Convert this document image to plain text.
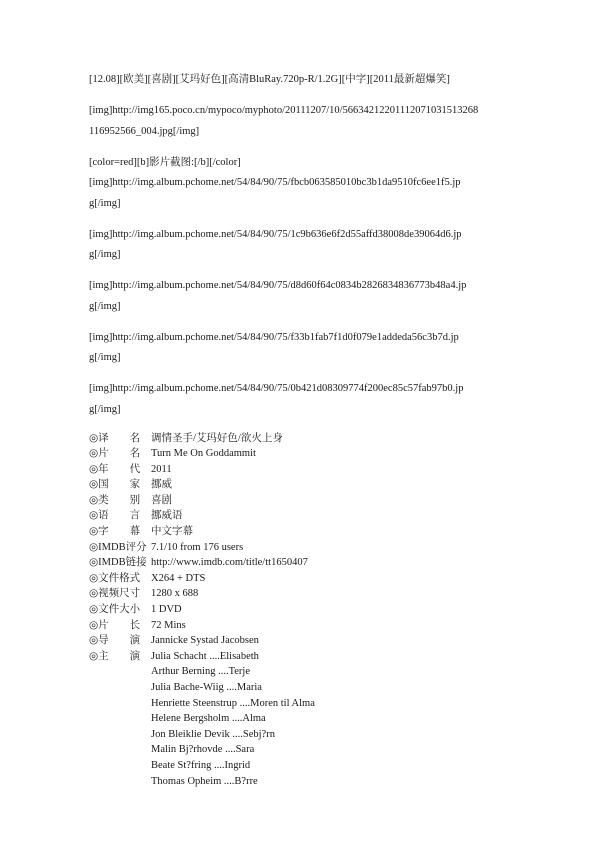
[12.08][欧美][喜剧][艾玛好色][高清BluRay.720p-R/1.2G][中字][2011最新超爆笑]

[img]http://img165.poco.cn/mypoco/myphoto/20111207/10/5663421220111207103151326​8
116952566_004.jpg[/img]

[color=red][b]影片截图:[/b][/color]
[img]http://img.album.pchome.net/54/84/90/75/fbcb063585010bc3b1da9510fc6ee1f5.jp
g[/img]

[img]http://img.album.pchome.net/54/84/90/75/1c9b636e6f2d55affd38008de39064d6.jp
g[/img]

[img]http://img.album.pchome.net/54/84/90/75/d8d60f64c0834b2826834836773b48a4.jp
g[/img]

[img]http://img.album.pchome.net/54/84/90/75/f33b1fab7f1d0f079e1addeda56c3b7d.jp
g[/img]

[img]http://img.album.pchome.net/54/84/90/75/0b421d08309774f200ec85c57fab97b0.jp
g[/img]

◎译　　名	调情圣手/艾玛好色/欲火上身
◎片　　名	Turn Me On Goddammit
◎年　　代	2011
◎国　　家	挪威
◎类　　别	喜剧
◎语　　言	挪威语
◎字　　幕	中文字幕
◎IMDB评分 7.1/10 from 176 users
◎IMDB链接 http://www.imdb.com/title/tt1650407
◎文件格式	X264 + DTS
◎视频尺寸	1280 x 688
◎文件大小	1 DVD
◎片　　长	72 Mins
◎导　　演	Jannicke Systad Jacobsen
◎主　　演	Julia Schacht ....Elisabeth
Arthur Berning ....Terje
Julia Bache-Wiig ....Maria
Henriette Steenstrup ....Moren til Alma
Helene Bergsholm ....Alma
Jon Bleiklie Devik ....Sebj?rn
Malin Bj?rhovde ....Sara
Beate St?fring ....Ingrid
Thomas Opheim ....B?rre
